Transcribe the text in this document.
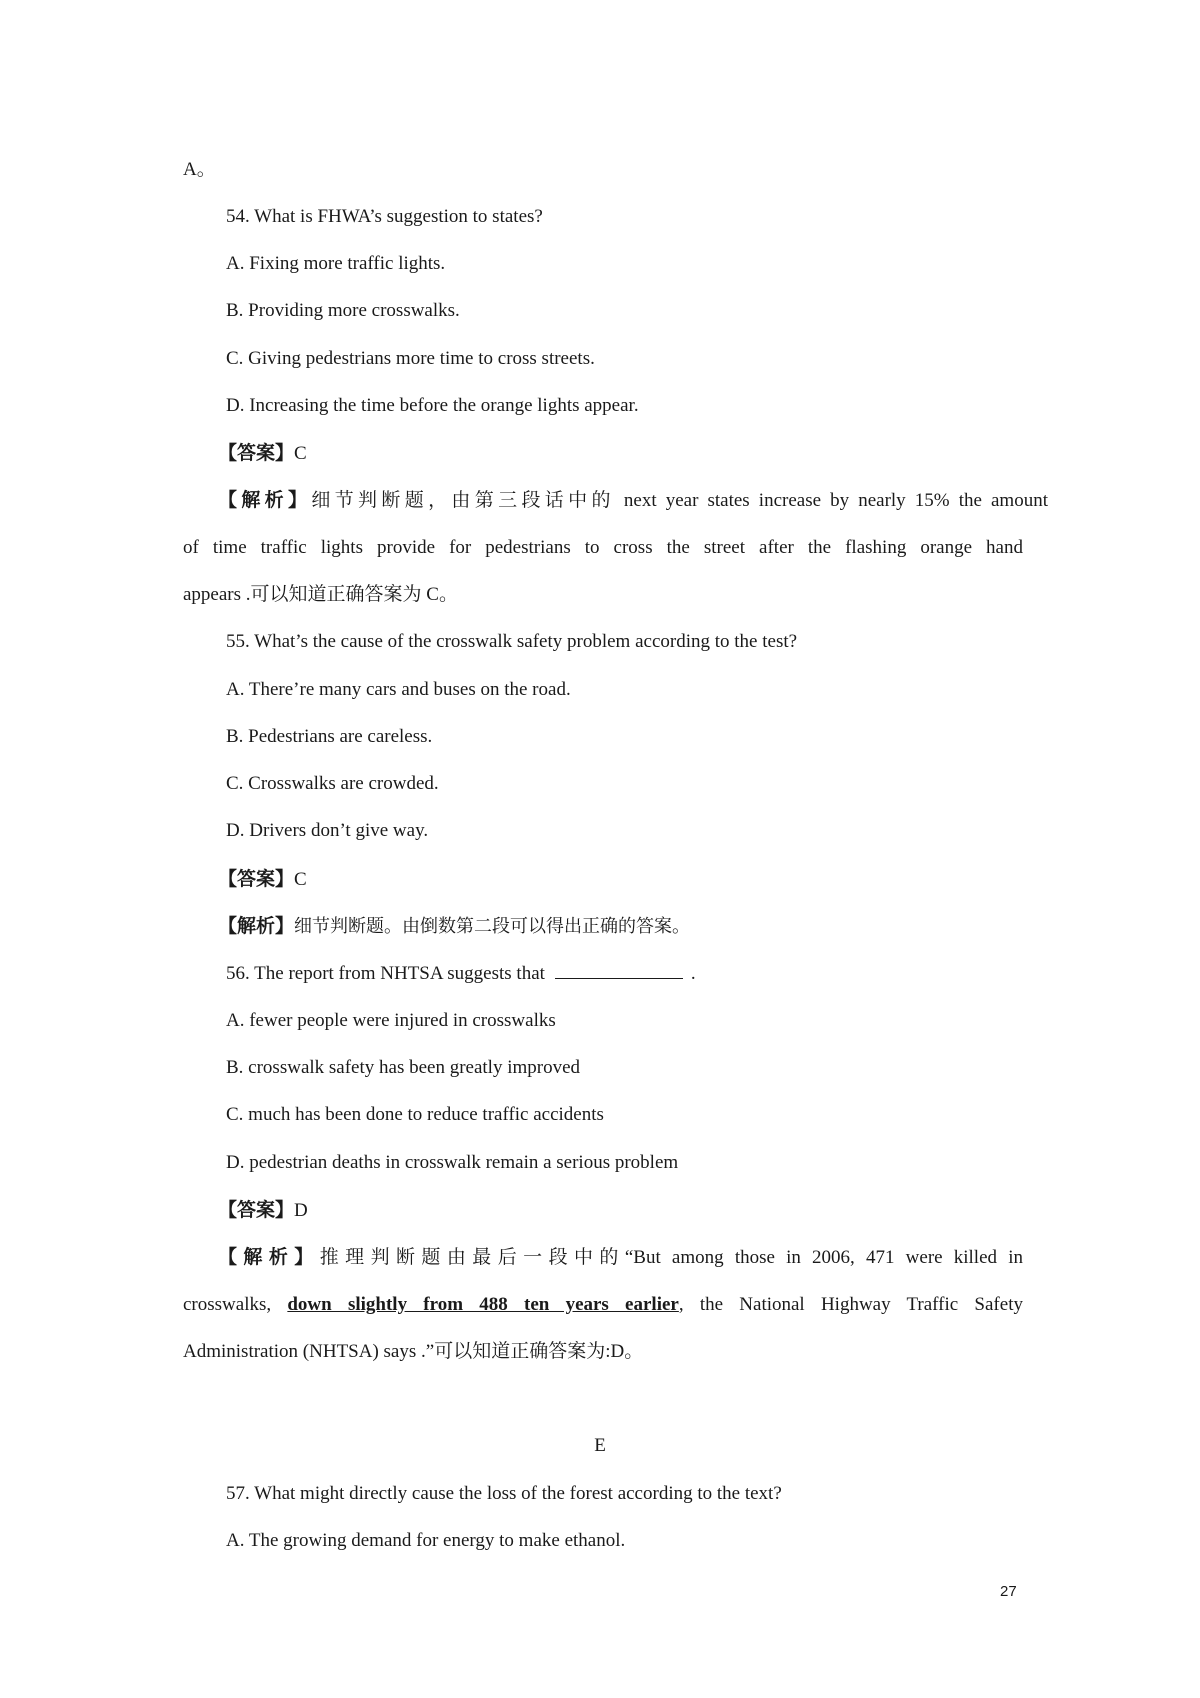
A。
54. What is FHWA’s suggestion to states?
A. Fixing more traffic lights.
B. Providing more crosswalks.
C. Giving pedestrians more time to cross streets.
D. Increasing the time before the orange lights appear.
【答案】C
【解析】细节判断题，由第三段话中的 next year states increase by nearly 15% the amount
of time traffic lights provide for pedestrians to cross the street after the flashing orange hand
appears .可以知道正确答案为 C。
55. What’s the cause of the crosswalk safety problem according to the test?
A. There’re many cars and buses on the road.
B. Pedestrians are careless.
C. Crosswalks are crowded.
D. Drivers don’t give way.
【答案】C
【解析】细节判断题。由倒数第二段可以得出正确的答案。
56. The report from NHTSA suggests that	.
A. fewer people were injured in crosswalks
B. crosswalk safety has been greatly improved
C. much has been done to reduce traffic accidents
D. pedestrian deaths in crosswalk remain a serious problem
【答案】D
【解析】推理判断题由最后一段中的“But among those in 2006, 471 were killed in
crosswalks, down slightly from 488 ten years earlier, the National Highway Traffic Safety
Administration (NHTSA) says .”可以知道正确答案为:D。
E
57. What might directly cause the loss of the forest according to the text?
A. The growing demand for energy to make ethanol.
27
